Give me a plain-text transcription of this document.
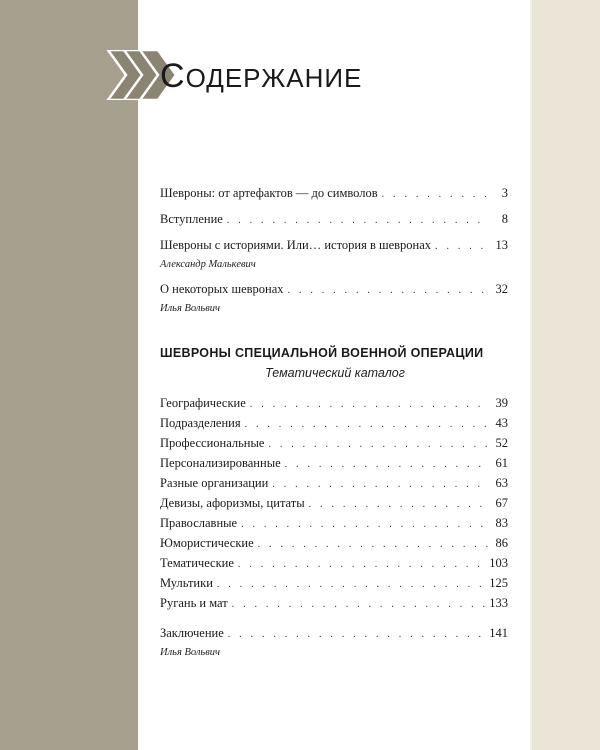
СОДЕРЖАНИЕ
Шевроны: от артефактов — до символов . . .	3
Вступление . . .	8
Шевроны с историями. Или… история в шевронах . . .	13
Александр Малькевич
О некоторых шевронах . . .	32
Илья Вольвич
ШЕВРОНЫ СПЕЦИАЛЬНОЙ ВОЕННОЙ ОПЕРАЦИИ
Тематический каталог
Географические . . .	39
Подразделения . . .	43
Профессиональные . . .	52
Персонализированные . . .	61
Разные организации . . .	63
Девизы, афоризмы, цитаты . . .	67
Православные . . .	83
Юмористические . . .	86
Тематические . . .	103
Мультики . . .	125
Ругань и мат . . .	133
Заключение . . .	141
Илья Вольвич
